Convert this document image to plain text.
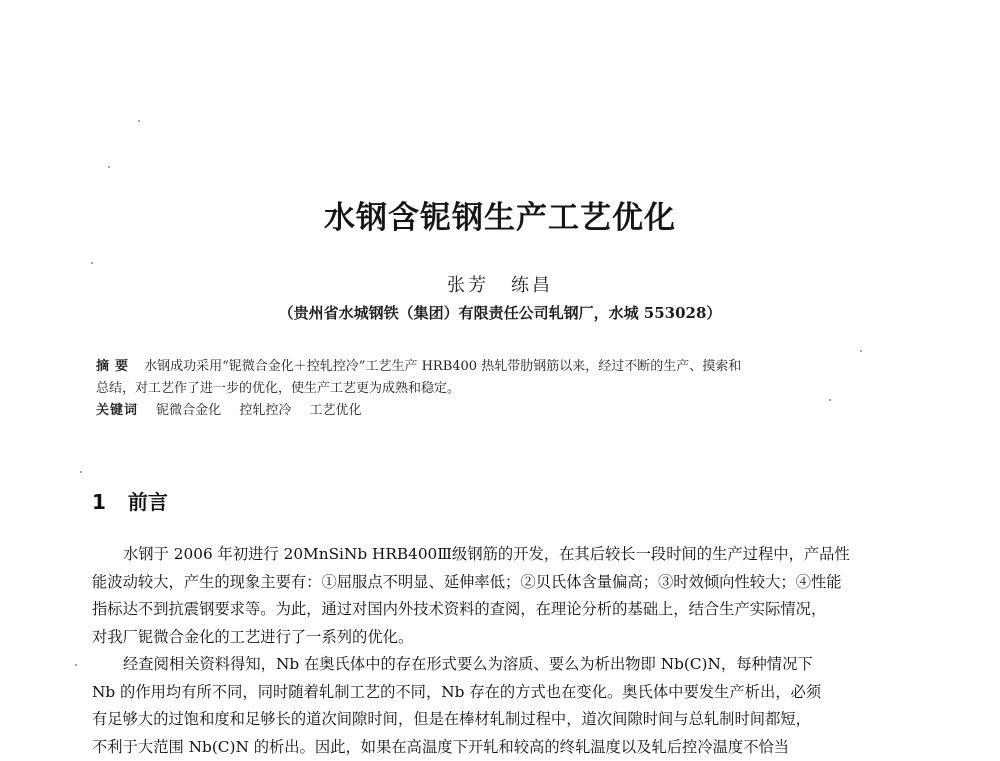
水钢含铌钢生产工艺优化
张芳 练昌
（贵州省水城钢铁（集团）有限责任公司轧钢厂，水城 553028）
摘要 水钢成功采用“铌微合金化＋控轧控冷”工艺生产 HRB400 热轧带肋钢筋以来，经过不断的生产、摸索和
总结，对工艺作了进一步的优化，使生产工艺更为成熟和稳定。
关键词 铌微合金化 控轧控冷 工艺优化
1 前言
水钢于 2006 年初进行 20MnSiNb HRB400Ⅲ级钢筋的开发，在其后较长一段时间的生产过程中，产品性
能波动较大，产生的现象主要有：①屈服点不明显、延伸率低；②贝氏体含量偏高；③时效倾向性较大；④性能
指标达不到抗震钢要求等。为此，通过对国内外技术资料的查阅，在理论分析的基础上，结合生产实际情况，
对我厂铌微合金化的工艺进行了一系列的优化。
经查阅相关资料得知，Nb 在奥氏体中的存在形式要么为溶质、要么为析出物即 Nb(C)N，每种情况下
Nb 的作用均有所不同，同时随着轧制工艺的不同，Nb 存在的方式也在变化。奥氏体中要发生产析出，必须
有足够大的过饱和度和足够长的道次间隙时间，但是在棒材轧制过程中，道次间隙时间与总轧制时间都短，
不利于大范围 Nb(C)N 的析出。因此，如果在高温度下开轧和较高的终轧温度以及轧后控冷温度不恰当
